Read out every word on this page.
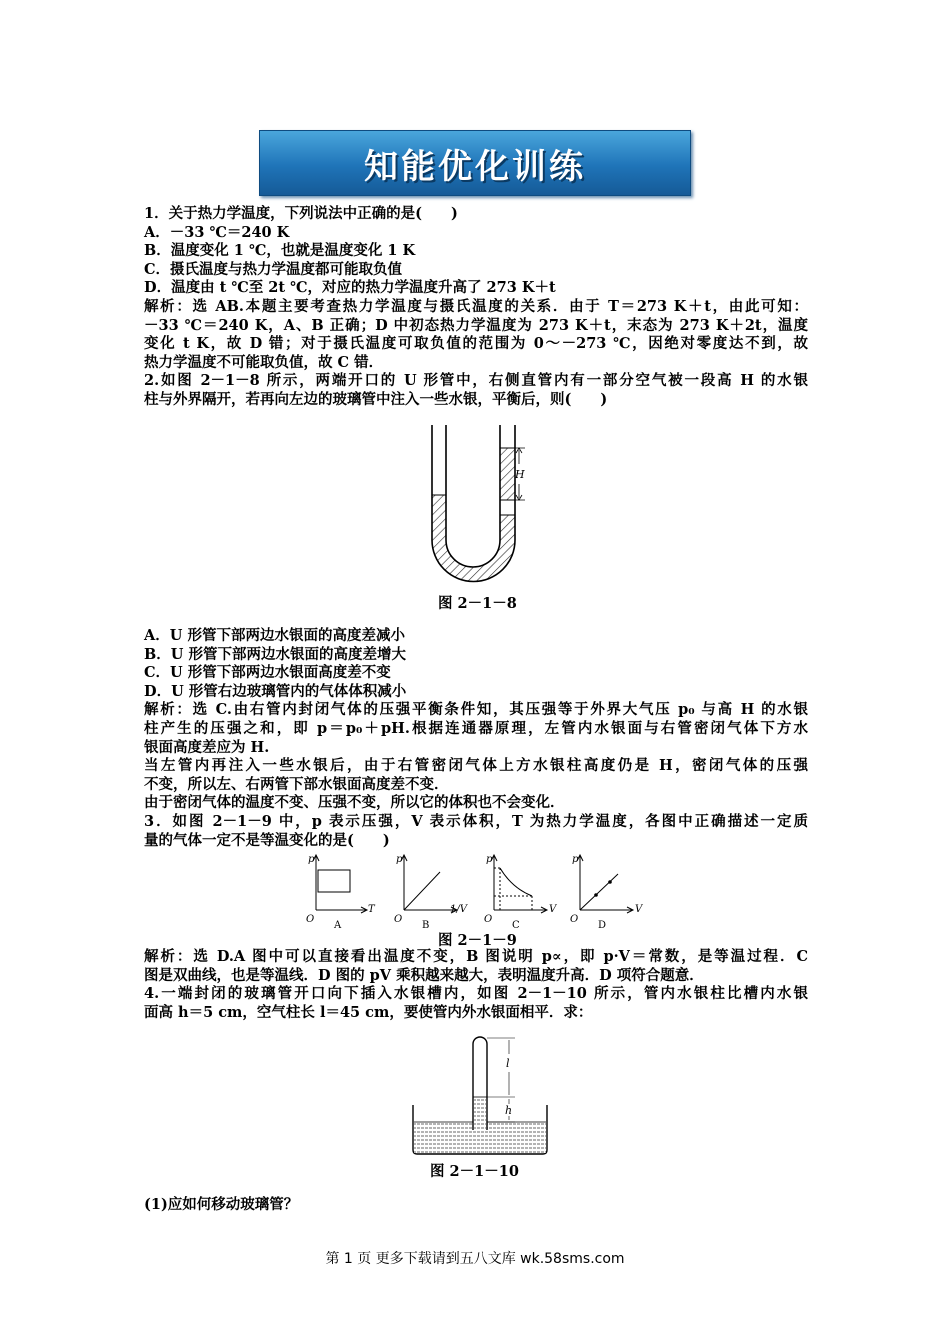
知能优化训练

1．关于热力学温度，下列说法中正确的是(　　)

A．－33 ℃＝240 K

B．温度变化 1 ℃，也就是温度变化 1 K

C．摄氏温度与热力学温度都可能取负值

D．温度由 t ℃至 2t ℃，对应的热力学温度升高了 273 K＋t

解析：选 AB.本题主要考查热力学温度与摄氏温度的关系．由于 T＝273 K＋t，由此可知：

－33 ℃＝240 K，A、B 正确；D 中初态热力学温度为 273 K＋t，末态为 273 K＋2t，温度

变化 t K，故 D 错；对于摄氏温度可取负值的范围为 0～－273 ℃，因绝对零度达不到，故

热力学温度不可能取负值，故 C 错．

2.如图 2－1－8 所示，两端开口的 U 形管中，右侧直管内有一部分空气被一段高 H 的水银

柱与外界隔开，若再向左边的玻璃管中注入一些水银，平衡后，则(　　)

H
图 2－1－8

A．U 形管下部两边水银面的高度差减小

B．U 形管下部两边水银面的高度差增大

C．U 形管下部两边水银面高度差不变

D．U 形管右边玻璃管内的气体体积减小

解析：选 C.由右管内封闭气体的压强平衡条件知，其压强等于外界大气压 p₀ 与高 H 的水银

柱产生的压强之和，即 p＝p₀＋pH.根据连通器原理，左管内水银面与右管密闭气体下方水

银面高度差应为 H.

当左管内再注入一些水银后，由于右管密闭气体上方水银柱高度仍是 H，密闭气体的压强

不变，所以左、右两管下部水银面高度差不变．

由于密闭气体的温度不变、压强不变，所以它的体积也不会变化．

3．如图 2－1－9 中，p 表示压强，V 表示体积，T 为热力学温度，各图中正确描述一定质

量的气体一定不是等温变化的是(　　)

p
T
O
A
p
1/V
O
B
p
V
O
C
p
V
O
D
图 2－1－9

解析：选 D.A 图中可以直接看出温度不变，B 图说明 p∝，即 p·V＝常数，是等温过程．C

图是双曲线，也是等温线．D 图的 pV 乘积越来越大，表明温度升高．D 项符合题意．

4.一端封闭的玻璃管开口向下插入水银槽内，如图 2－1－10 所示，管内水银柱比槽内水银

面高 h＝5 cm，空气柱长 l＝45 cm，要使管内外水银面相平．求：

l
h
图 2－1－10

(1)应如何移动玻璃管？

第 1 页 更多下载请到五八文库 wk.58sms.com
